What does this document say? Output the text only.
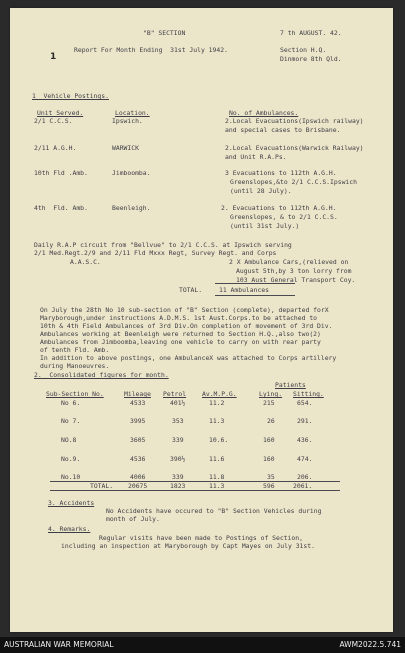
"B" SECTION	7 th AUGUST. 42.
Report For Month Ending  31st July 1942.	Section H.Q.
Dinmore 8th Qld.
1
1  Vehicle Postings.
Unit Served.	Location.	No. of Ambulances.
2/1 C.C.S.	Ipswich.	2.Local Evacuations(Ipswich railway)
and special cases to Brisbane.
2/11 A.G.H.	WARWICK	2.Local Evacuations(Warwick Railway)
and Unit R.A.Ps.
10th Fld .Amb.	Jimboomba.	3 Evacuations to 112th A.G.H.
Greenslopes,&to 2/1 C.C.S.Ipswich
(until 28 July).
4th  Fld. Amb.	Beenleigh.	2. Evacuations to 112th A.G.H.
Greenslopes, & to 2/1 C.C.S.
(until 31st July.)
Daily R.A.P circuit from "Bellvue" to 2/1 C.C.S. at Ipswich serving
2/1 Med.Regt.2/9 and 2/11 Fld Mxxx Regt, Survey Regt. and Corps
A.A.S.C.	2 X Ambulance Cars,(relieved on
August 5th,by 3 ton lorry from
103 Aust General Transport Coy.
TOTAL.	11 Ambulances
On July the 28th No 10 sub-section of "B" Section (complete), departed forX
Maryborough,under instructions A.D.M.S. 1st Aust.Corps.to be attached to
10th & 4th Field Ambulances of 3rd Div.On completion of movement of 3rd Div.
Ambulances working at Beenleigh were returned to Section H.Q.,also two(2)
Ambulances from Jimboomba,leaving one vehicle to carry on with rear party
of tenth Fld. Amb.
In addition to above postings, one AmbulanceX was attached to Corps artillery
during Manoeuvres.
2.  Consolidated figures for month.
Patients
Sub-Section No.	Mileage Petrol Av.M.P.G.	Lying. Sitting.
No 6.	4533	401½	11.2	215	654.
No 7.	3995	353	11.3	26	291.
NO.8	3605	339	10.6.	160	436.
No.9.	4536	390½	11.6	160	474.
No.10	4006	339	11.8	35	206.
TOTAL. 20675	1823	11.3	596	2061.
3. Accidents
No Accidents have occured to "B" Section Vehicles during
month of July.
4. Remarks.
Regular visits have been made to Postings of Section,
including an inspection at Maryborough by Capt Mayes on July 31st.
AUSTRALIAN WAR MEMORIAL	AWM2022.5.741
